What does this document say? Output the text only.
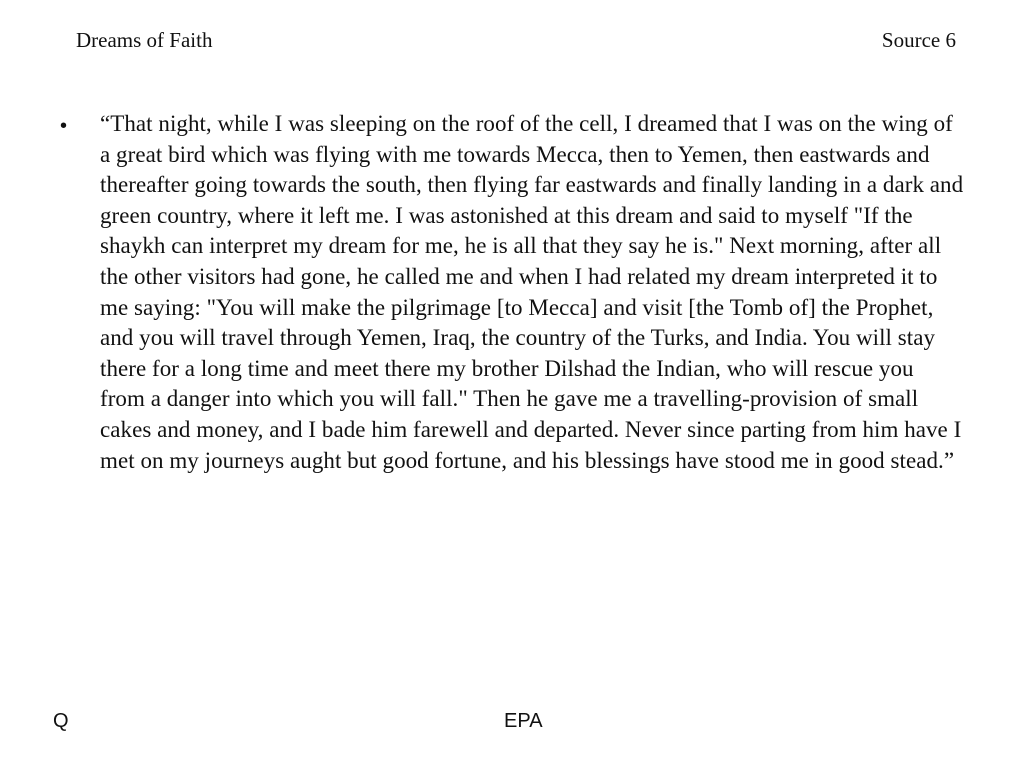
Dreams of Faith	Source 6
• “That night, while I was sleeping on the roof of the cell, I dreamed that I was on the wing of a great bird which was flying with me towards Mecca, then to Yemen, then eastwards and thereafter going towards the south, then flying far eastwards and finally landing in a dark and green country, where it left me. I was astonished at this dream and said to myself "If the shaykh can interpret my dream for me, he is all that they say he is." Next morning, after all the other visitors had gone, he called me and when I had related my dream interpreted it to me saying: "You will make the pilgrimage [to Mecca] and visit [the Tomb of] the Prophet, and you will travel through Yemen, Iraq, the country of the Turks, and India. You will stay there for a long time and meet there my brother Dilshad the Indian, who will rescue you from a danger into which you will fall." Then he gave me a travelling-provision of small cakes and money, and I bade him farewell and departed. Never since parting from him have I met on my journeys aught but good fortune, and his blessings have stood me in good stead.”
Q	EPA
